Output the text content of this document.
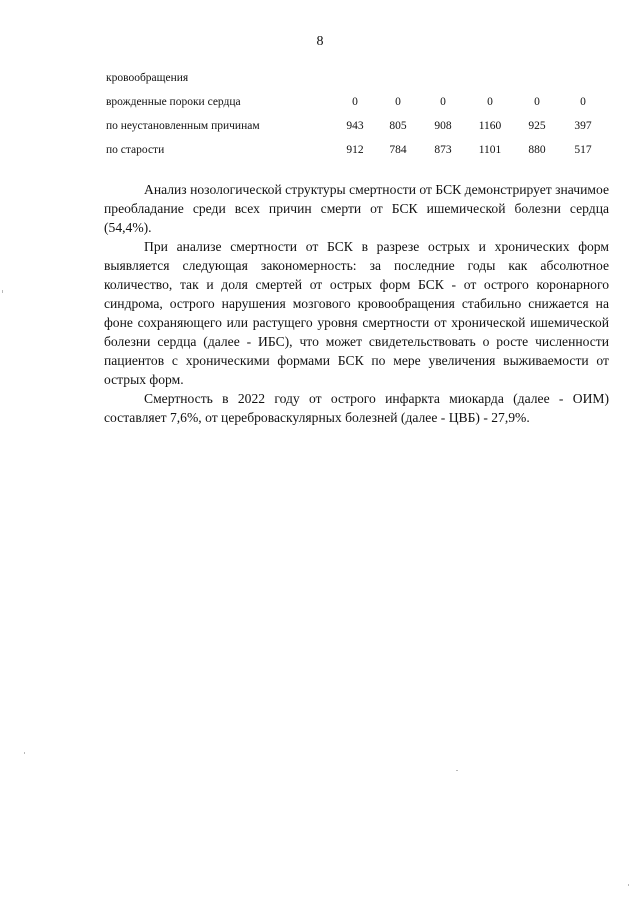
8
кровообращения
врожденные пороки сердца	0	0	0	0	0	0
по неустановленным причинам	943	805	908	1160	925	397
по старости	912	784	873	1101	880	517

Анализ нозологической структуры смертности от БСК демонстрирует значимое преобладание среди всех причин смерти от БСК ишемической болезни сердца (54,4%).

При анализе смертности от БСК в разрезе острых и хронических форм выявляется следующая закономерность: за последние годы как абсолютное количество, так и доля смертей от острых форм БСК - от острого коронарного синдрома, острого нарушения мозгового кровообращения стабильно снижается на фоне сохраняющего или растущего уровня смертности от хронической ишемической болезни сердца (далее - ИБС), что может свидетельствовать о росте численности пациентов с хроническими формами БСК по мере увеличения выживаемости от острых форм.

Смертность в 2022 году от острого инфаркта миокарда (далее - ОИМ) составляет 7,6%, от цереброваскулярных болезней (далее - ЦВБ) - 27,9%.
